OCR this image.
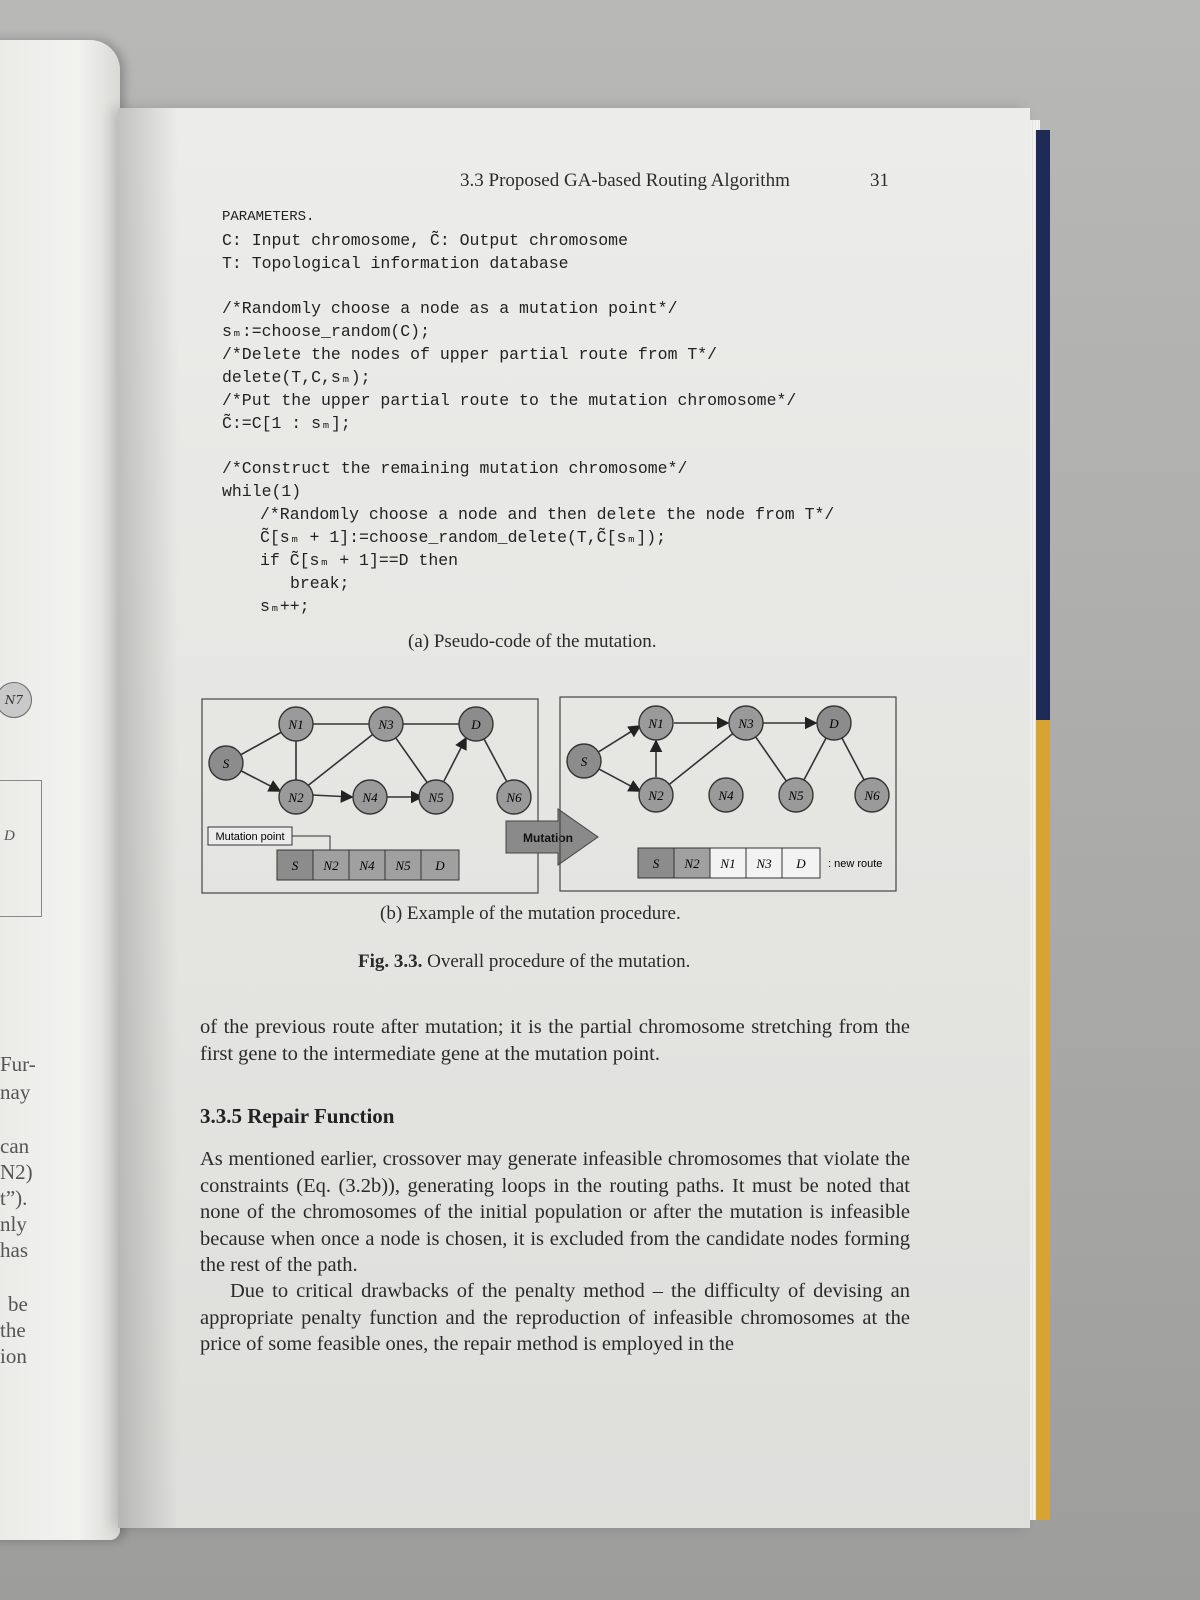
N7
D
Fur-
nay
can
N2)
t”).
nly
has
be
the
ion
3.3 Proposed GA-based Routing Algorithm	31
PARAMETERS.
C: Input chromosome, C̃: Output chromosome
T: Topological information database
/*Randomly choose a node as a mutation point*/
sₘ:=choose_random(C);
/*Delete the nodes of upper partial route from T*/
delete(T,C,sₘ);
/*Put the upper partial route to the mutation chromosome*/
C̃:=C[1 : sₘ];
/*Construct the remaining mutation chromosome*/
while(1)
/*Randomly choose a node and then delete the node from T*/
C̃[sₘ + 1]:=choose_random_delete(T,C̃[sₘ]);
if C̃[sₘ + 1]==D then
break;
sₘ++;
(a) Pseudo-code of the mutation.
S
N1	N3	D
N2	N4	N5	N6
Mutation point
S N2 N4 N5 D
Mutation
S
N1	N3	D
N2	N4	N5	N6
S N2 N1 N3 D : new route
(b) Example of the mutation procedure.
Fig. 3.3. Overall procedure of the mutation.
of the previous route after mutation; it is the partial chromosome stretching from the first gene to the intermediate gene at the mutation point.
3.3.5 Repair Function
As mentioned earlier, crossover may generate infeasible chromosomes that violate the constraints (Eq. (3.2b)), generating loops in the routing paths. It must be noted that none of the chromosomes of the initial population or after the mutation is infeasible because when once a node is chosen, it is excluded from the candidate nodes forming the rest of the path.
Due to critical drawbacks of the penalty method – the difficulty of devising an appropriate penalty function and the reproduction of infeasible chromosomes at the price of some feasible ones, the repair method is employed in the
